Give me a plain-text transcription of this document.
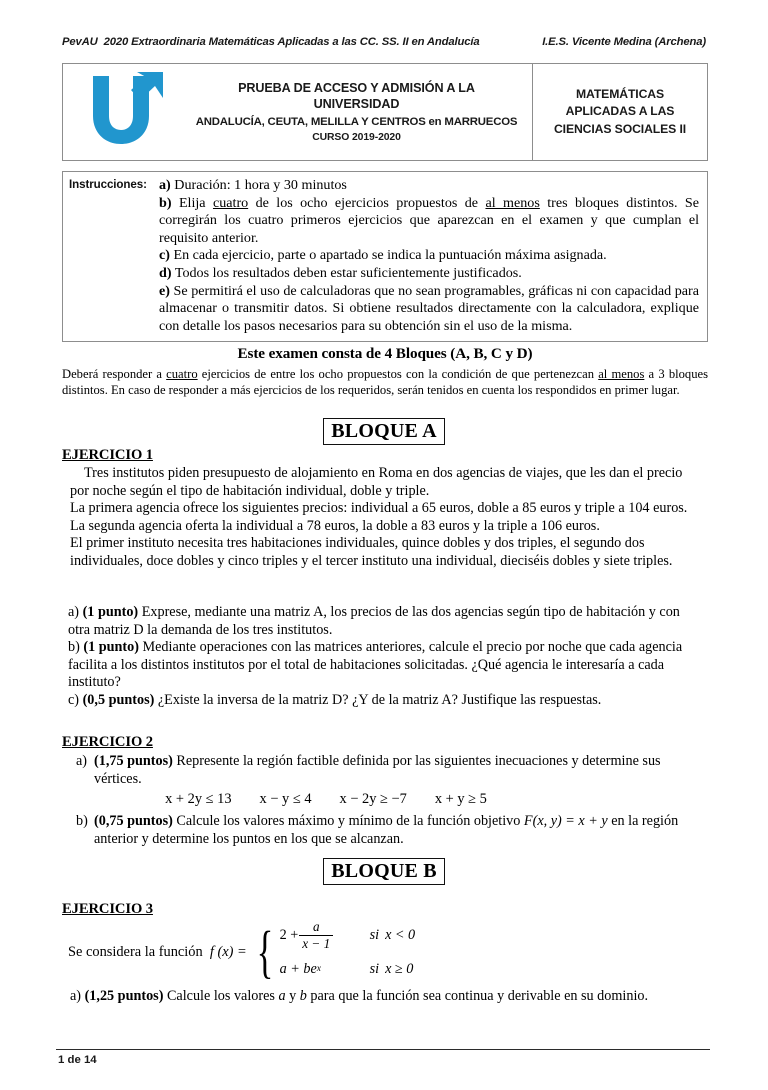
PevAU  2020 Extraordinaria Matemáticas Aplicadas a las CC. SS. II en Andalucía	I.E.S. Vicente Medina (Archena)
PRUEBA DE ACCESO Y ADMISIÓN A LA
UNIVERSIDAD
ANDALUCÍA, CEUTA, MELILLA Y CENTROS en MARRUECOS
CURSO 2019-2020
MATEMÁTICAS
APLICADAS A LAS
CIENCIAS SOCIALES II
Instrucciones: a) Duración: 1 hora y 30 minutos

b) Elija cuatro de los ocho ejercicios propuestos de al menos tres bloques distintos. Se corregirán los cuatro primeros ejercicios que aparezcan en el examen y que cumplan el requisito anterior.

c) En cada ejercicio, parte o apartado se indica la puntuación máxima asignada.

d) Todos los resultados deben estar suficientemente justificados.

e) Se permitirá el uso de calculadoras que no sean programables, gráficas ni con capacidad para almacenar o transmitir datos. Si obtiene resultados directamente con la calculadora, explique con detalle los pasos necesarios para su obtención sin el uso de la misma.

Este examen consta de 4 Bloques (A, B, C y D)
Deberá responder a cuatro ejercicios de entre los ocho propuestos con la condición de que pertenezcan al menos a 3 bloques distintos. En caso de responder a más ejercicios de los requeridos, serán tenidos en cuenta los respondidos en primer lugar.
BLOQUE A
EJERCICIO 1

Tres institutos piden presupuesto de alojamiento en Roma en dos agencias de viajes, que les dan el precio por noche según el tipo de habitación individual, doble y triple.

La primera agencia ofrece los siguientes precios: individual a 65 euros, doble a 85 euros y triple a 104 euros. La segunda agencia oferta la individual a 78 euros, la doble a 83 euros y la triple a 106 euros.

El primer instituto necesita tres habitaciones individuales, quince dobles y dos triples, el segundo dos individuales, doce dobles y cinco triples y el tercer instituto una individual, dieciséis dobles y siete triples.

a) (1 punto) Exprese, mediante una matriz A, los precios de las dos agencias según tipo de habitación y con otra matriz D la demanda de los tres institutos.

b) (1 punto) Mediante operaciones con las matrices anteriores, calcule el precio por noche que cada agencia facilita a los distintos institutos por el total de habitaciones solicitadas. ¿Qué agencia le interesaría a cada instituto?

c) (0,5 puntos) ¿Existe la inversa de la matriz D? ¿Y de la matriz A? Justifique las respuestas.

EJERCICIO 2
a) (1,75 puntos) Represente la región factible definida por las siguientes inecuaciones y determine sus vértices.
x + 2y ≤ 13 x − y ≤ 4 x − 2y ≥ −7 x + y ≥ 5
b) (0,75 puntos) Calcule los valores máximo y mínimo de la función objetivo F(x, y) = x + y en la región anterior y determine los puntos en los que se alcanzan.
BLOQUE B
EJERCICIO 3
Se considera la función f (x) = { $2 + \frac{a}{x - 1}$	si x < 0
a + be x	si x ≥ 0
a) (1,25 puntos) Calcule los valores a y b para que la función sea continua y derivable en su dominio.
1 de 14
